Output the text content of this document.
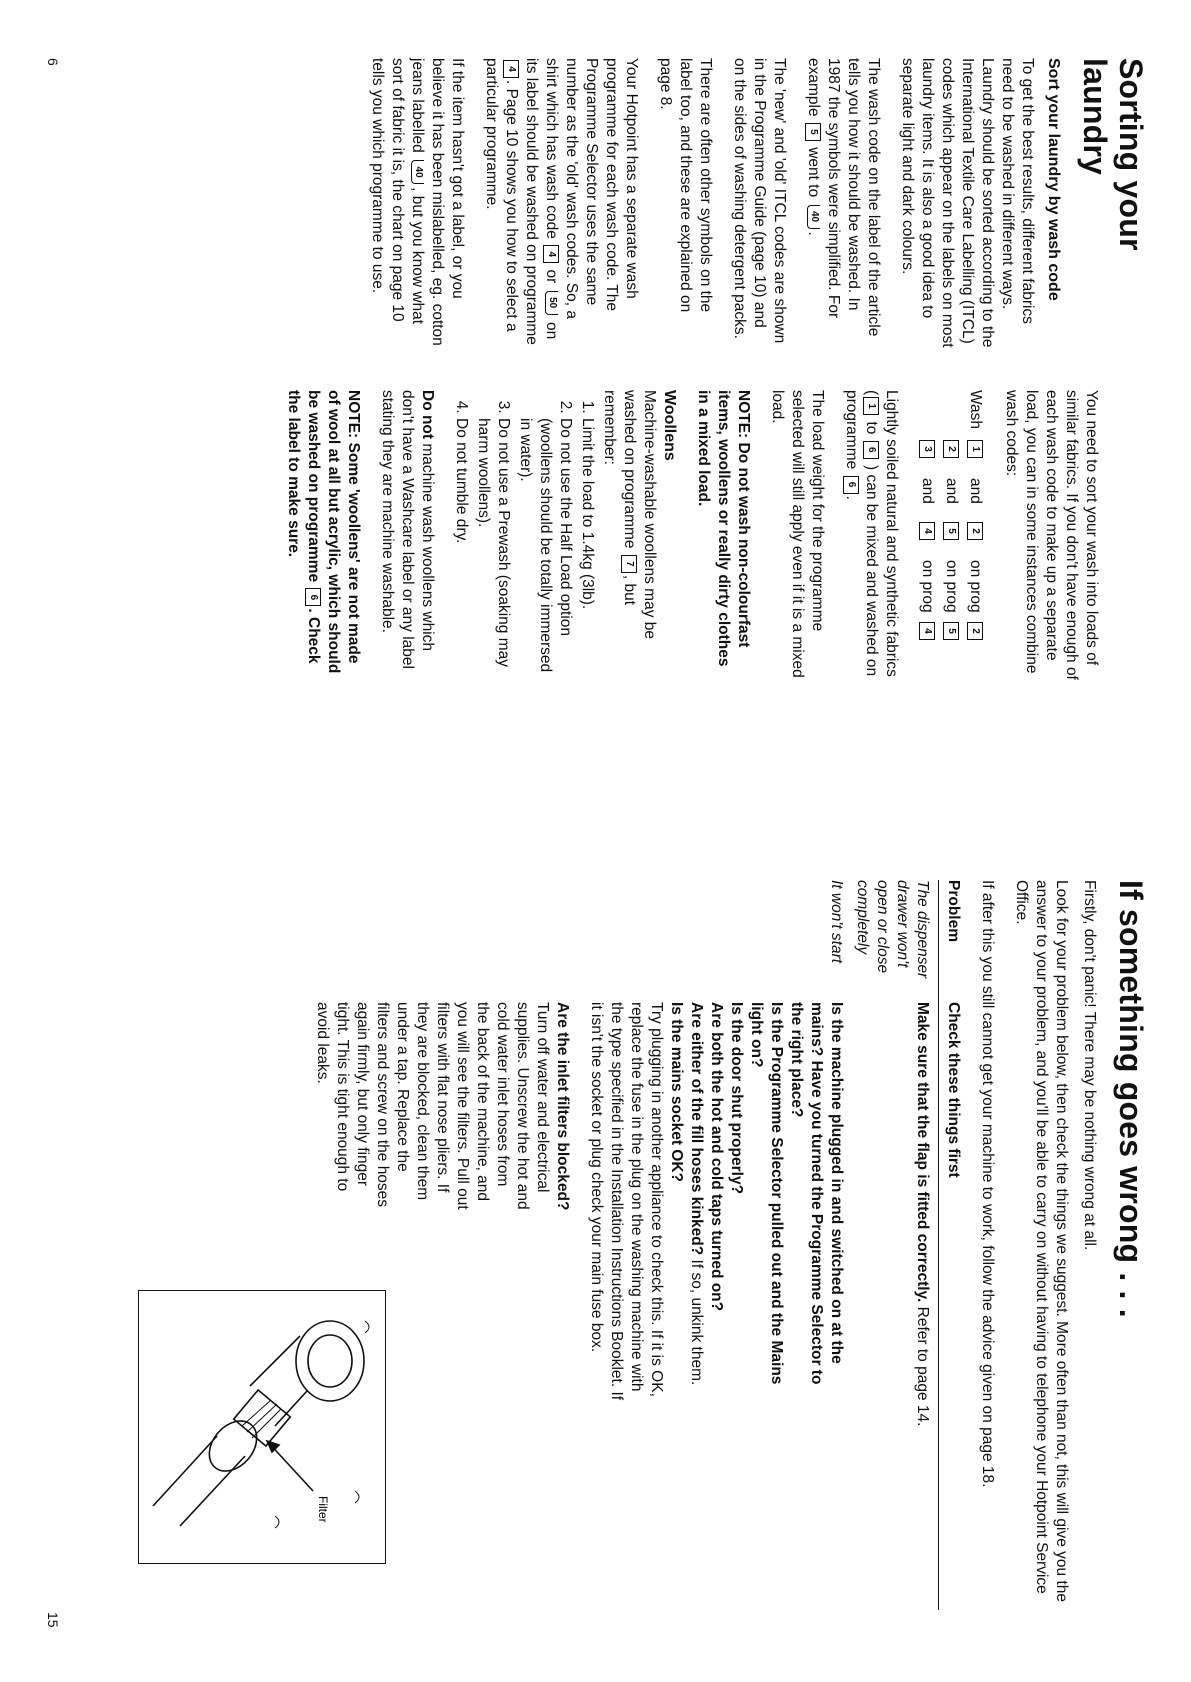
Sorting your laundry
Sort your laundry by wash code

To get the best results, different fabrics need to be washed in different ways. Laundry should be sorted according to the International Textile Care Labelling (ITCL) codes which appear on the labels on most laundry items. It is also a good idea to separate light and dark colours.

The wash code on the label of the article tells you how it should be washed. In 1987 the symbols were simplified. For example 5 went to 40.

The 'new' and 'old' ITCL codes are shown in the Programme Guide (page 10) and on the sides of washing detergent packs.

There are often other symbols on the label too, and these are explained on page 8.

Your Hotpoint has a separate wash programme for each wash code. The Programme Selector uses the same number as the 'old' wash codes. So, a shirt which has wash code 4 or 50 on its label should be washed on programme 4. Page 10 shows you how to select a particular programme.

If the item hasn't got a label, or you believe it has been mislabelled, eg. cotton jeans labelled 40, but you know what sort of fabric it is, the chart on page 10 tells you which programme to use.

You need to sort your wash into loads of similar fabrics. If you don't have enough of each wash code to make up a separate load, you can in some instances combine wash codes:

Wash
1
and
2
on prog
2
2
and
5
on prog
5
3
and
4
on prog
4

Lightly soiled natural and synthetic fabrics (1 to 6 ) can be mixed and washed on programme 6.

The load weight for the programme selected will still apply even if it is a mixed load.

NOTE: Do not wash non-colourfast items, woollens or really dirty clothes in a mixed load.

Woollens

Machine-washable woollens may be washed on programme 7, but remember:

1. Limit the load to 1.4kg (3lb).
2. Do not use the Half Load option (woollens should be totally immersed in water).
3. Do not use a Prewash (soaking may harm woollens).
4. Do not tumble dry.

Do not machine wash woollens which don't have a Washcare label or any label stating they are machine washable.

NOTE: Some 'woollens' are not made of wool at all but acrylic, which should be washed on programme 6. Check the label to make sure.

6
If something goes wrong . . .

Firstly, don't panic! There may be nothing wrong at all.

Look for your problem below, then check the things we suggest. More often than not, this will give you the answer to your problem, and you'll be able to carry on without having to telephone your Hotpoint Service Office.

If after this you still cannot get your machine to work, follow the advice given on page 18.

Problem
Check these things first
The dispenser drawer won't open or close completely
Make sure that the flap is fitted correctly. Refer to page 14.
It won't start
Is the machine plugged in and switched on at the mains? Have you turned the Programme Selector to the right place?
Is the Programme Selector pulled out and the Mains light on?
Is the door shut properly?
Are both the hot and cold taps turned on?
Are either of the fill hoses kinked? If so, unkink them.
Is the mains socket OK?

Try plugging in another appliance to check this. If it is OK, replace the fuse in the plug on the washing machine with the type specified in the Installation Instructions Booklet. If it isn't the socket or plug check your main fuse box.

Are the inlet filters blocked?
Turn off water and electrical supplies. Unscrew the hot and cold water inlet hoses from the back of the machine, and you will see the filters. Pull out filters with flat nose pliers. If they are blocked, clean them under a tap. Replace the filters and screw on the hoses again firmly, but only finger tight. This is tight enough to avoid leaks.
Filter
15
